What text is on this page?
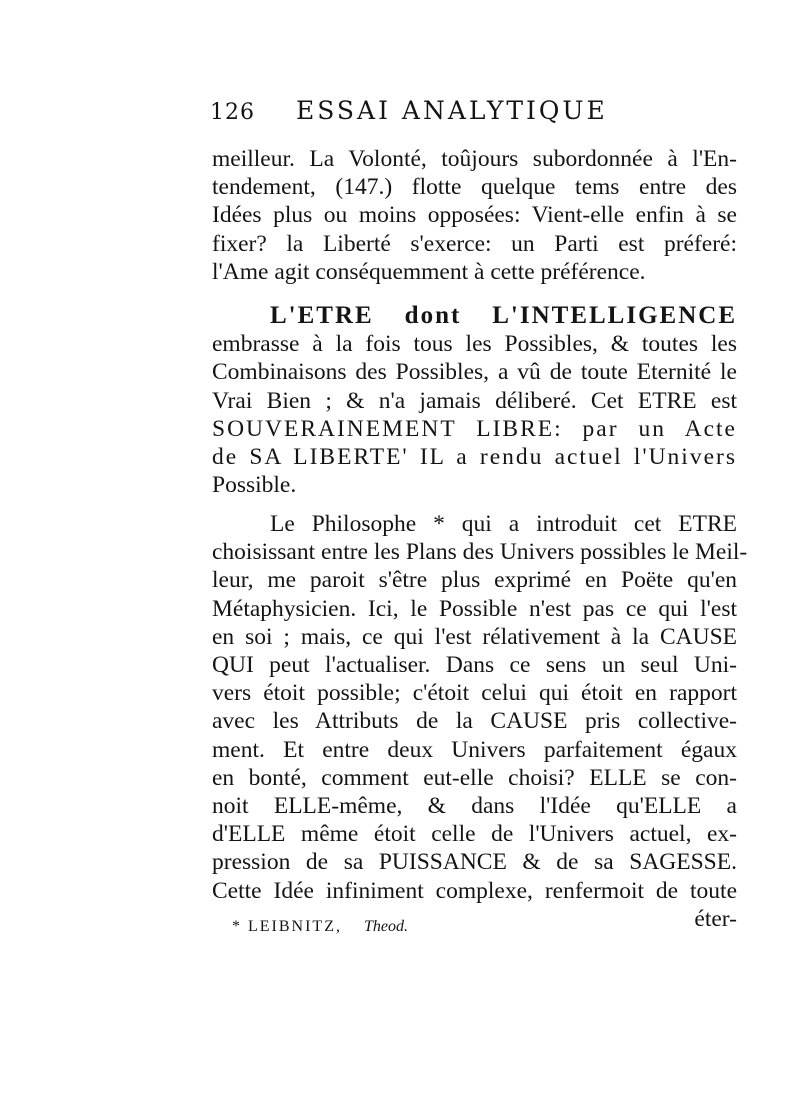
126 ESSAI ANALYTIQUE
meilleur. La Volonté, toûjours subordonnée à l'En-
tendement, (147.) flotte quelque tems entre des
Idées plus ou moins opposées: Vient-elle enfin à se
fixer? la Liberté s'exerce: un Parti est préferé:
l'Ame agit conséquemment à cette préférence.
L'ETRE dont L'INTELLIGENCE
embrasse à la fois tous les Possibles, & toutes les
Combinaisons des Possibles, a vû de toute Eternité le
Vrai Bien ; & n'a jamais déliberé. Cet ETRE est
SOUVERAINEMENT LIBRE: par un Acte
de SA LIBERTE' IL a rendu actuel l'Univers
Possible.
Le Philosophe * qui a introduit cet ETRE
choisissant entre les Plans des Univers possibles le Meil-
leur, me paroit s'être plus exprimé en Poëte qu'en
Métaphysicien. Ici, le Possible n'est pas ce qui l'est
en soi ; mais, ce qui l'est rélativement à la CAUSE
QUI peut l'actualiser. Dans ce sens un seul Uni-
vers étoit possible; c'étoit celui qui étoit en rapport
avec les Attributs de la CAUSE pris collective-
ment. Et entre deux Univers parfaitement égaux
en bonté, comment eut-elle choisi? ELLE se con-
noit ELLE-même, & dans l'Idée qu'ELLE a
d'ELLE même étoit celle de l'Univers actuel, ex-
pression de sa PUISSANCE & de sa SAGESSE.
Cette Idée infiniment complexe, renfermoit de toute
éter-
* LEIBNITZ, Theod.
